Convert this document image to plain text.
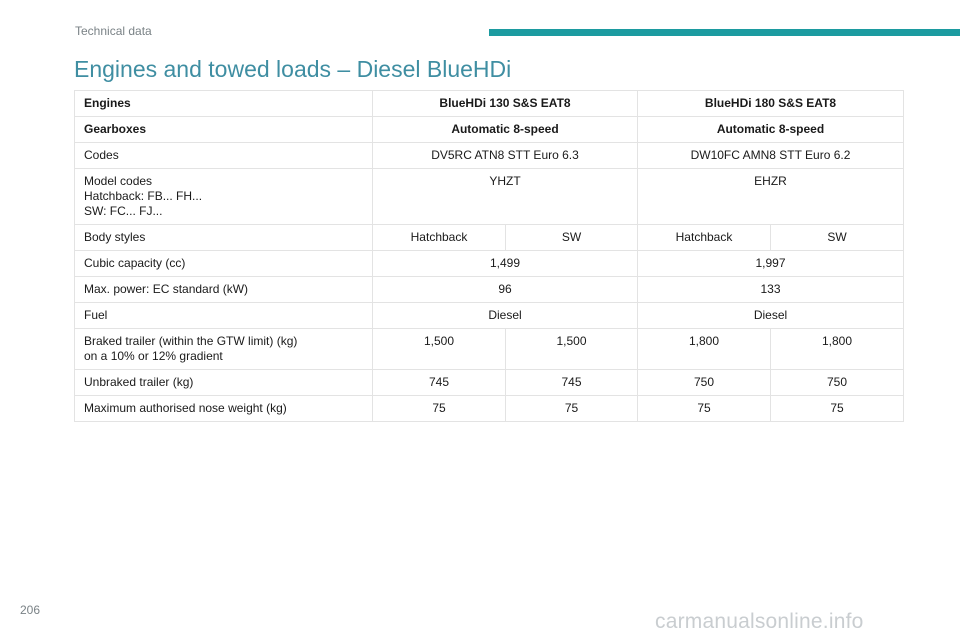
Technical data
Engines and towed loads – Diesel BlueHDi
Engines	BlueHDi 130 S&S EAT8		BlueHDi 180 S&S EAT8	
Gearboxes	Automatic 8-speed		Automatic 8-speed	
Codes	DV5RC ATN8 STT Euro 6.3		DW10FC AMN8 STT Euro 6.2	

Model codes
Hatchback: FB... FH...
SW: FC... FJ...	YHZT		EHZR	
Body styles	Hatchback	SW	Hatchback	SW
Cubic capacity (cc)	1,499		1,997	
Max. power: EC standard (kW)	96		133	
Fuel	Diesel		Diesel	

Braked trailer (within the GTW limit) (kg)
on a 10% or 12% gradient	1,500	1,500	1,800	1,800
Unbraked trailer (kg)	745	745	750	750
Maximum authorised nose weight (kg)	75	75	75	75
206	carmanualsonline.info
